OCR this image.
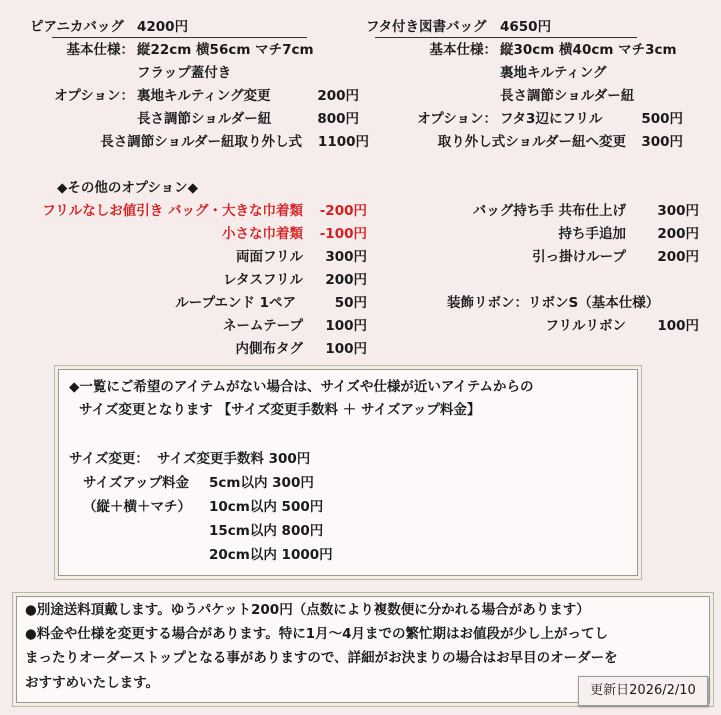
ピアニカバッグ 4200円
基本仕様： 縦22cm 横56cm マチ7cm
フラップ蓋付き
オプション： 裏地キルティング変更	200円
長さ調節ショルダー紐	800円
長さ調節ショルダー紐取り外し式 1100円
フタ付き図書バッグ 4650円
基本仕様： 縦30cm 横40cm マチ3cm
裏地キルティング
長さ調節ショルダー紐
オプション： フタ3辺にフリル	500円
取り外し式ショルダー紐へ変更 300円
◆その他のオプション◆
フリルなしお値引き バッグ・大きな巾着類 -200円
小さな巾着類 -100円
両面フリル 300円
レタスフリル 200円
ループエンド 1ペア	50円
ネームテープ 100円
内側布タグ 100円
バッグ持ち手 共布仕上げ 300円
持ち手追加 200円
引っ掛けループ 200円
装飾リボン：リボンS（基本仕様）
フリルリボン 100円
◆一覧にご希望のアイテムがない場合は、サイズや仕様が近いアイテムからの
サイズ変更となります 【サイズ変更手数料 ＋ サイズアップ料金】
サイズ変更： サイズ変更手数料 300円
サイズアップ料金 5cm以内 300円
（縦＋横＋マチ） 10cm以内 500円
15cm以内 800円
20cm以内 1000円
●別途送料頂戴します。ゆうパケット200円（点数により複数便に分かれる場合があります）
●料金や仕様を変更する場合があります。特に1月～4月までの繁忙期はお値段が少し上がってし
まったりオーダーストップとなる事がありますので、詳細がお決まりの場合はお早目のオーダーを
おすすめいたします。	更新日2026/2/10
